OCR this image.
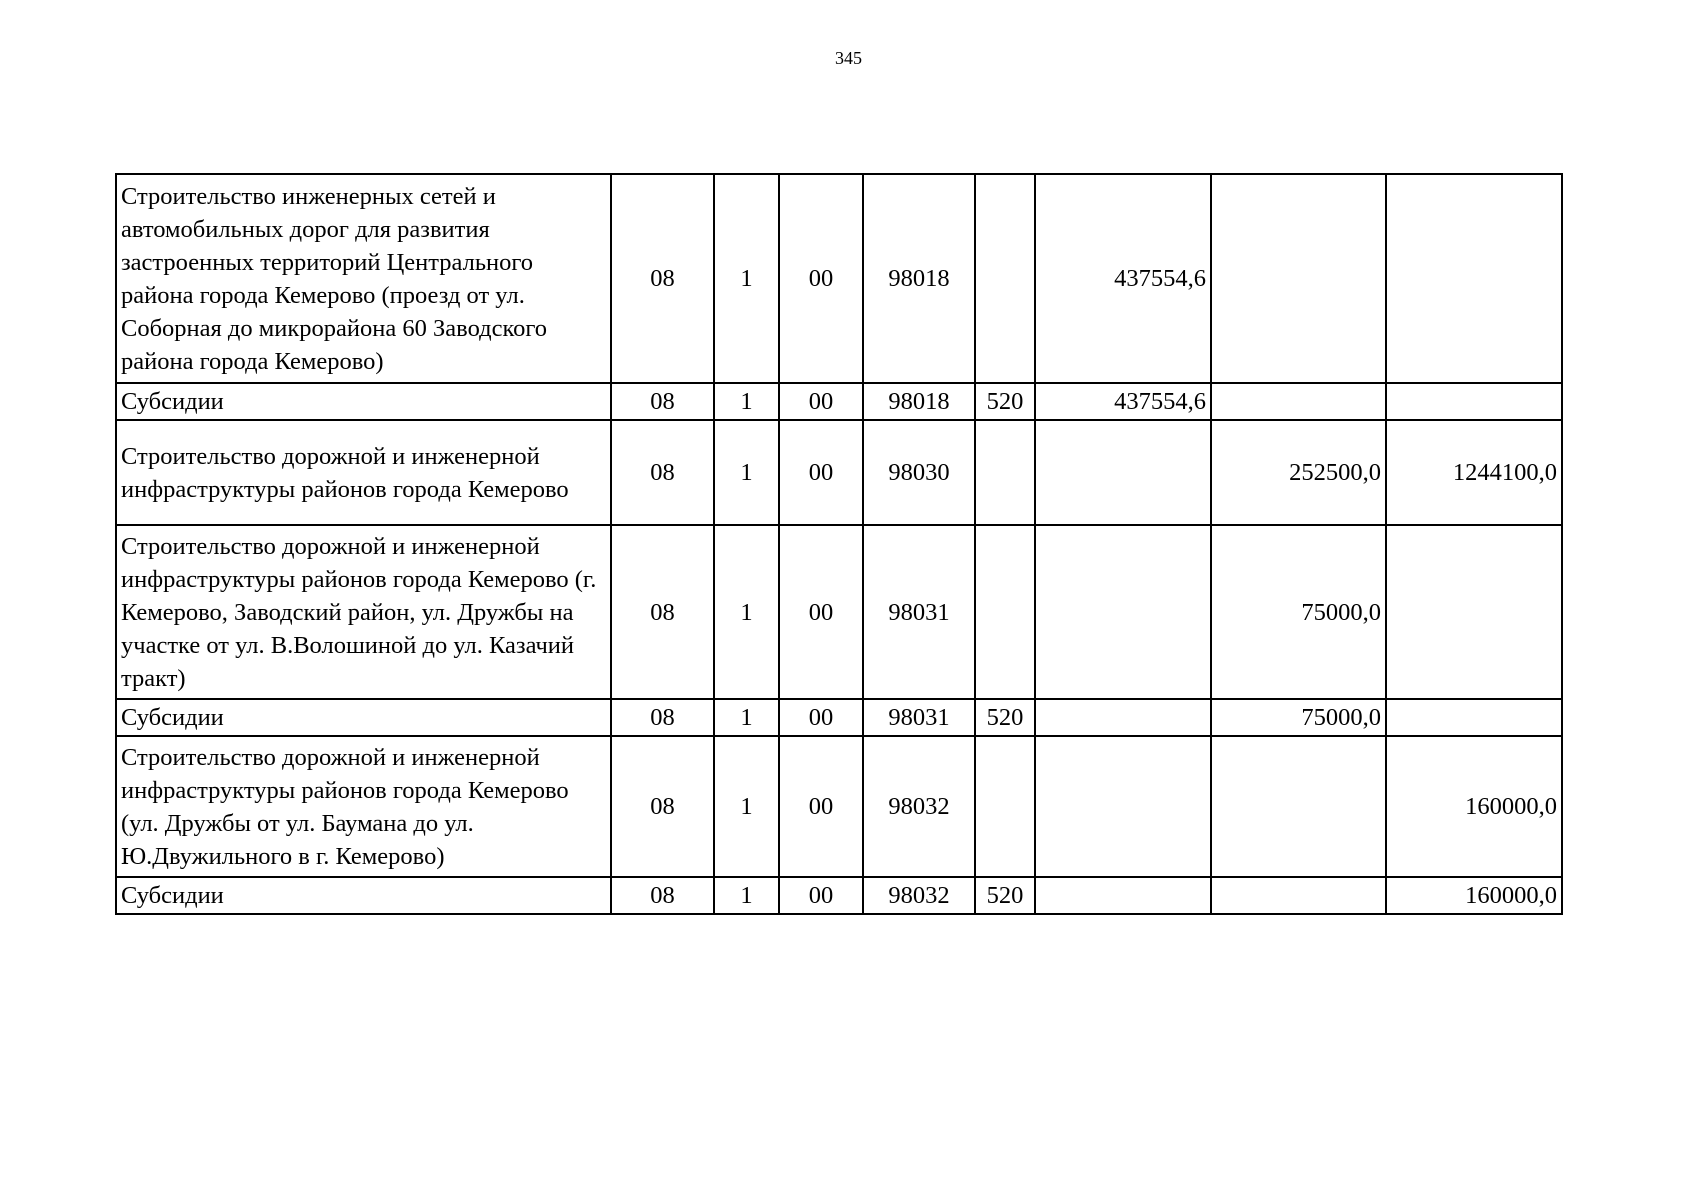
345
Строительство инженерных сетей и автомобильных дорог для развития застроенных территорий Центрального района города Кемерово (проезд от ул. Соборная до микрорайона 60 Заводского района города Кемерово)	08	1	00	98018		437554,6		
Субсидии	08	1	00	98018	520	437554,6		
Строительство дорожной и инженерной инфраструктуры районов города Кемерово	08	1	00	98030			252500,0	1244100,0
Строительство дорожной и инженерной инфраструктуры районов города Кемерово (г. Кемерово, Заводский район, ул. Дружбы на участке от ул. В.Волошиной до ул. Казачий тракт)	08	1	00	98031			75000,0	
Субсидии	08	1	00	98031	520		75000,0	
Строительство дорожной и инженерной инфраструктуры районов города Кемерово (ул. Дружбы от ул. Баумана до ул. Ю.Двужильного в г. Кемерово)	08	1	00	98032				160000,0
Субсидии	08	1	00	98032	520			160000,0
